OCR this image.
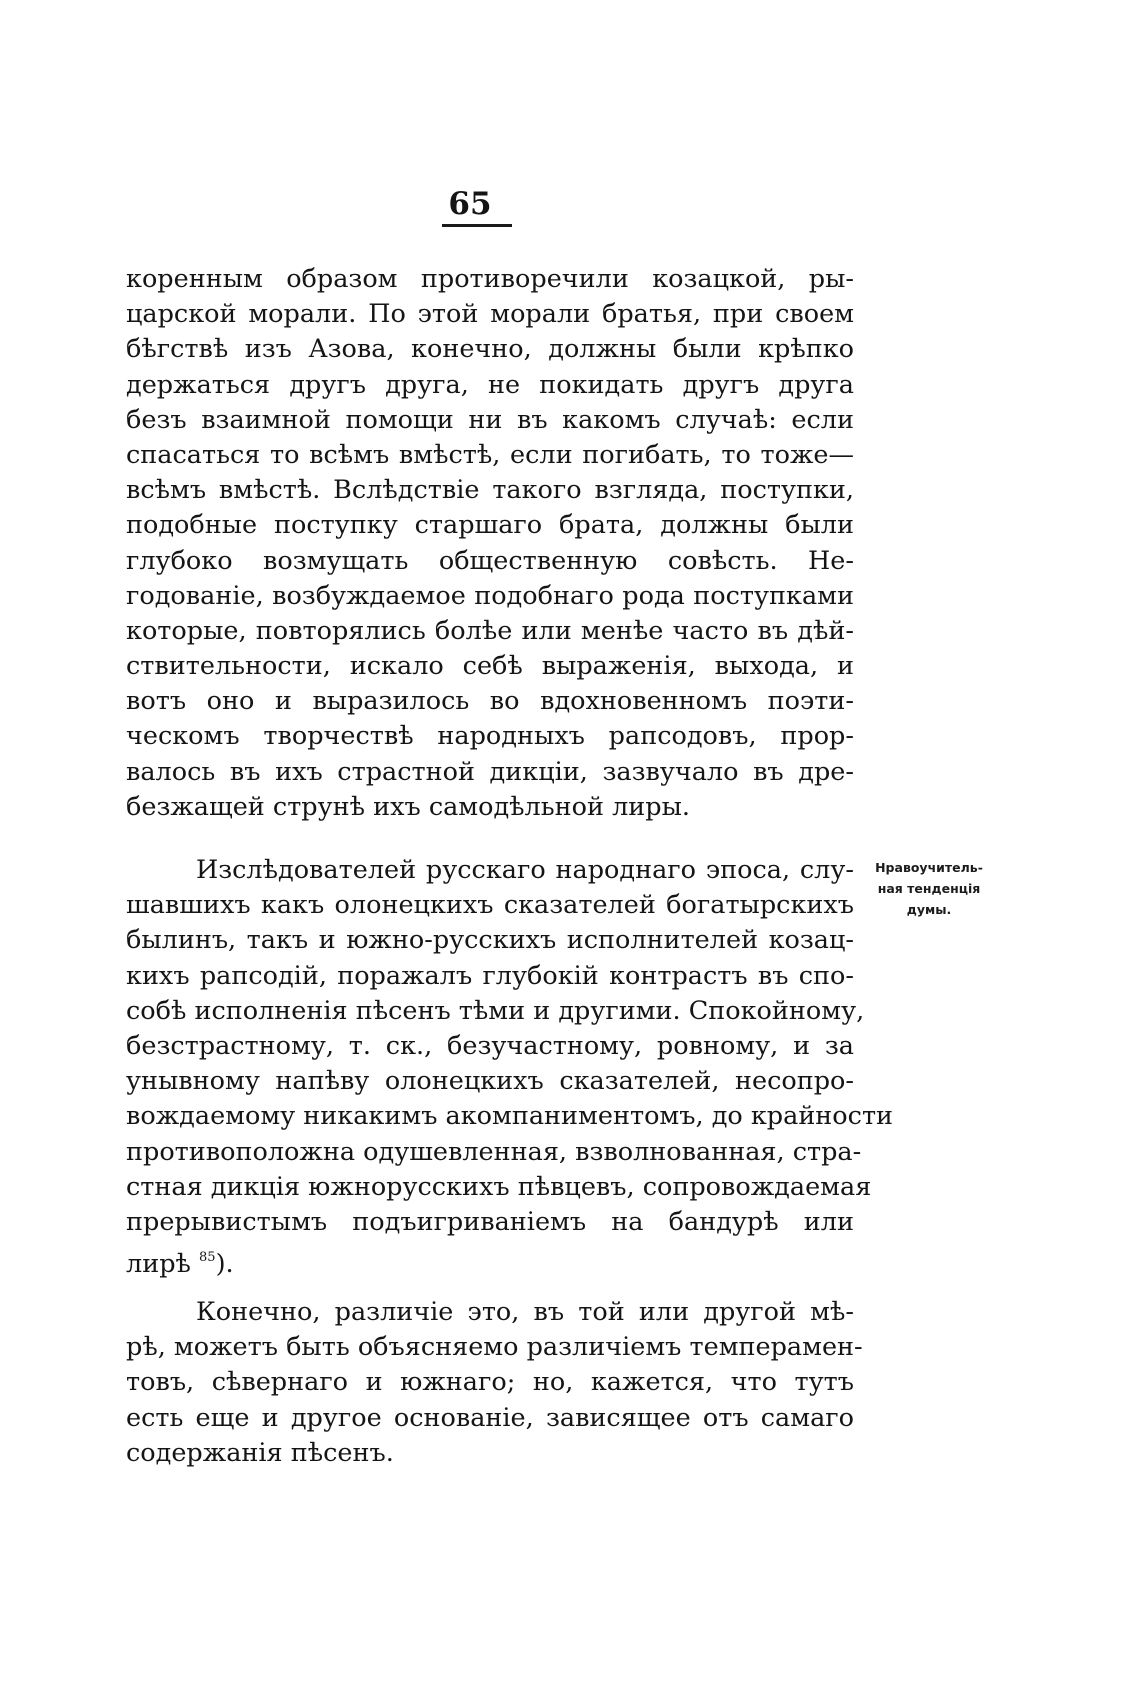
65
коренным образом противоречили козацкой, ры-
царской морали. По этой морали братья, при своем
бѣгствѣ изъ Азова, конечно, должны были крѣпко
держаться другъ друга, не покидать другъ друга
безъ взаимной помощи ни въ какомъ случаѣ: если
спасаться то всѣмъ вмѣстѣ, если погибать, то тоже—
всѣмъ вмѣстѣ. Вслѣдствіе такого взгляда, поступки,
подобные поступку старшаго брата, должны были
глубоко возмущать общественную совѣсть. Не-
годованіе, возбуждаемое подобнаго рода поступками
которые, повторялись болѣе или менѣе часто въ дѣй-
ствительности, искало себѣ выраженія, выхода, и
вотъ оно и выразилось во вдохновенномъ поэти-
ческомъ творчествѣ народныхъ рапсодовъ, прор-
валось въ ихъ страстной дикціи, зазвучало въ дре-
безжащей струнѣ ихъ самодѣльной лиры.
Изслѣдователей русскаго народнаго эпоса, слу-
шавшихъ какъ олонецкихъ сказателей богатырскихъ
былинъ, такъ и южно-русскихъ исполнителей козац-
кихъ рапсодій, поражалъ глубокій контрастъ въ спо-
собѣ исполненія пѣсенъ тѣми и другими. Спокойному,
безстрастному, т. ск., безучастному, ровному, и за
унывному напѣву олонецкихъ сказателей, несопро-
вождаемому никакимъ акомпаниментомъ, до крайности
противоположна одушевленная, взволнованная, стра-
стная дикція южнорусскихъ пѣвцевъ, сопровождаемая
прерывистымъ подъигриваніемъ на бандурѣ или
лирѣ $^{85}$).
Конечно, различіе это, въ той или другой мѣ-
рѣ, можетъ быть объясняемо различіемъ темперамен-
товъ, сѣвернаго и южнаго; но, кажется, что тутъ
есть еще и другое основаніе, зависящее отъ самаго
содержанія пѣсенъ.
Нравоучитель-
ная тенденція
думы.
